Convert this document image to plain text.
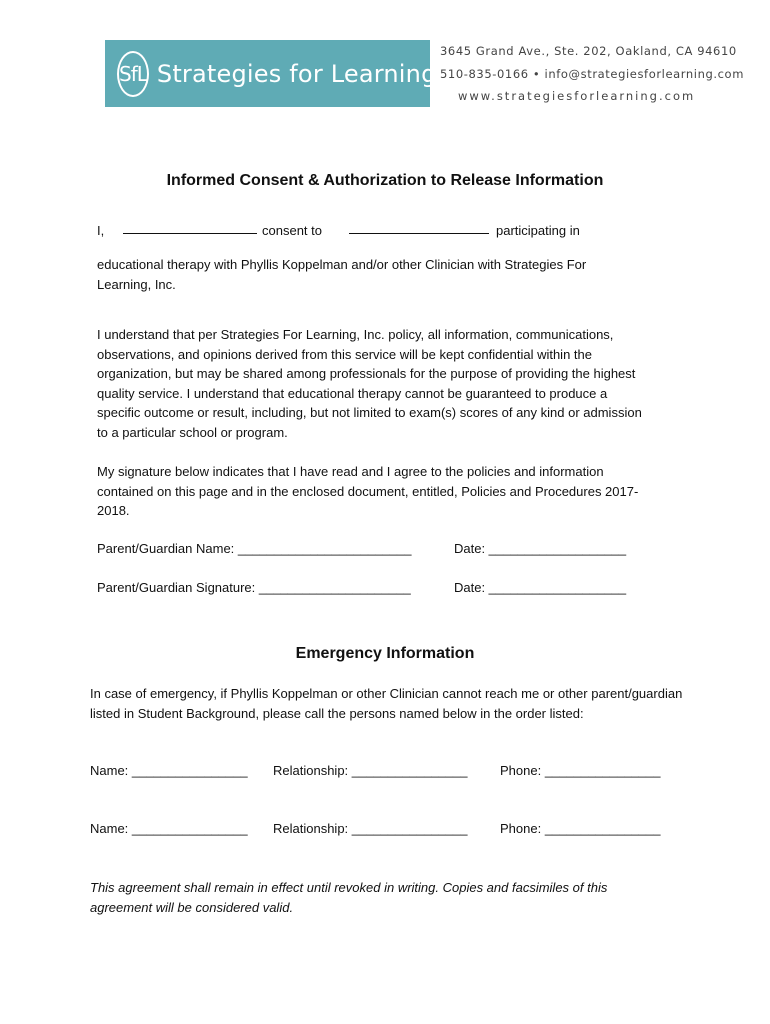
SfL Strategies for Learning
3645 Grand Ave., Ste. 202, Oakland, CA 94610
510-835-0166 • info@strategiesforlearning.com
www.strategiesforlearning.com
Informed Consent & Authorization to Release Information
I,	consent to	participating in
educational therapy with Phyllis Koppelman and/or other Clinician with Strategies For Learning, Inc.
I understand that per Strategies For Learning, Inc. policy, all information, communications, observations, and opinions derived from this service will be kept confidential within the organization, but may be shared among professionals for the purpose of providing the highest quality service. I understand that educational therapy cannot be guaranteed to produce a specific outcome or result, including, but not limited to exam(s) scores of any kind or admission to a particular school or program.
My signature below indicates that I have read and I agree to the policies and information contained on this page and in the enclosed document, entitled, Policies and Procedures 2017-2018.
Parent/Guardian Name: ________________________	Date: ___________________
Parent/Guardian Signature: _____________________	Date: ___________________
Emergency Information
In case of emergency, if Phyllis Koppelman or other Clinician cannot reach me or other parent/guardian listed in Student Background, please call the persons named below in the order listed:
Name: ________________ Relationship: ________________	Phone: ________________
Name: ________________ Relationship: ________________	Phone: ________________
This agreement shall remain in effect until revoked in writing. Copies and facsimiles of this agreement will be considered valid.
